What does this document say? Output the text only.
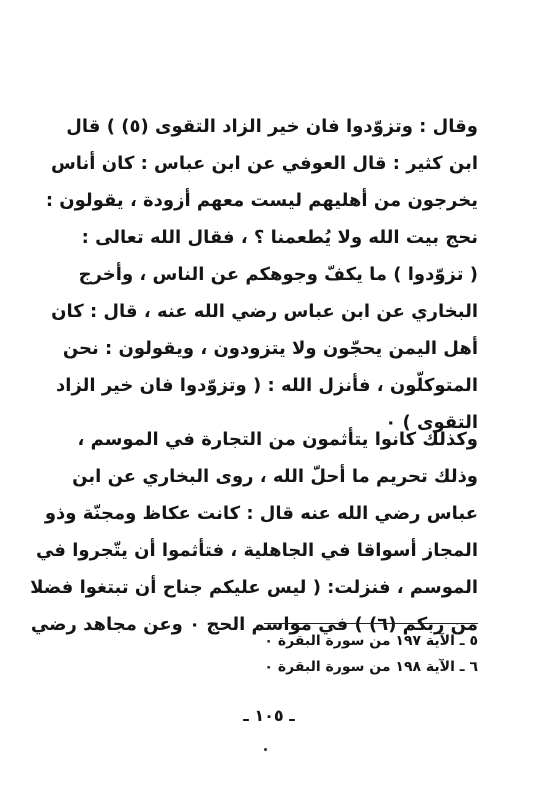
وقال : وتزوّدوا فان خير الزاد التقوى (٥) ) قال
ابن كثير : قال العوفي عن ابن عباس : كان أناس
يخرجون من أهليهم ليست معهم أزودة ، يقولون :
نحج بيت الله ولا يُطعمنا ؟ ، فقال الله تعالى :
( تزوّدوا ) ما يكفّ وجوهكم عن الناس ، وأخرج
البخاري عن ابن عباس رضي الله عنه ، قال : كان
أهل اليمن يحجّون ولا يتزودون ، ويقولون : نحن
المتوكلّون ، فأنزل الله : ( وتزوّدوا فان خير الزاد
التقوى ) ٠
وكذلك كانوا يتأثمون من التجارة في الموسم ،
وذلك تحريم ما أحلّ الله ، روى البخاري عن ابن
عباس رضي الله عنه قال : كانت عكاظ ومجنّة وذو
المجاز أسواقا في الجاهلية ، فتأثموا أن يتّجروا في
الموسم ، فنزلت: ( ليس عليكم جناح أن تبتغوا فضلا
من ربكم (٦) ) في مواسم الحج ٠ وعن مجاهد رضي
٥ ـ الآية ١٩٧ من سورة البقرة ٠
٦ ـ الآية ١٩٨ من سورة البقرة ٠
ـ ١٠٥ ـ
